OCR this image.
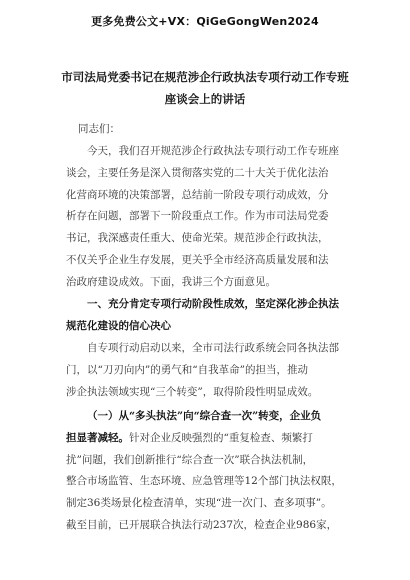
更多免费公文+VX：QiGeGongWen2024
市司法局党委书记在规范涉企行政执法专项行动工作专班
座谈会上的讲话

同志们：

今天，我们召开规范涉企行政执法专项行动工作专班座
谈会，主要任务是深入贯彻落实党的二十大关于优化法治
化营商环境的决策部署，总结前一阶段专项行动成效，分
析存在问题，部署下一阶段重点工作。作为市司法局党委
书记，我深感责任重大、使命光荣。规范涉企行政执法，
不仅关乎企业生存发展，更关乎全市经济高质量发展和法
治政府建设成效。下面，我讲三个方面意见。
一、充分肯定专项行动阶段性成效，坚定深化涉企执法
规范化建设的信心决心
自专项行动启动以来，全市司法行政系统会同各执法部
门，以“刀刃向内”的勇气和“自我革命”的担当，推动
涉企执法领域实现“三个转变”，取得阶段性明显成效。
（一）从“多头执法”向“综合查一次”转变，企业负
担显著减轻。针对企业反映强烈的“重复检查、频繁打
扰”问题，我们创新推行“综合查一次”联合执法机制，
整合市场监管、生态环境、应急管理等12个部门执法权限，
制定36类场景化检查清单，实现“进一次门、查多项事”。
截至目前，已开展联合执法行动237次，检查企业986家，
